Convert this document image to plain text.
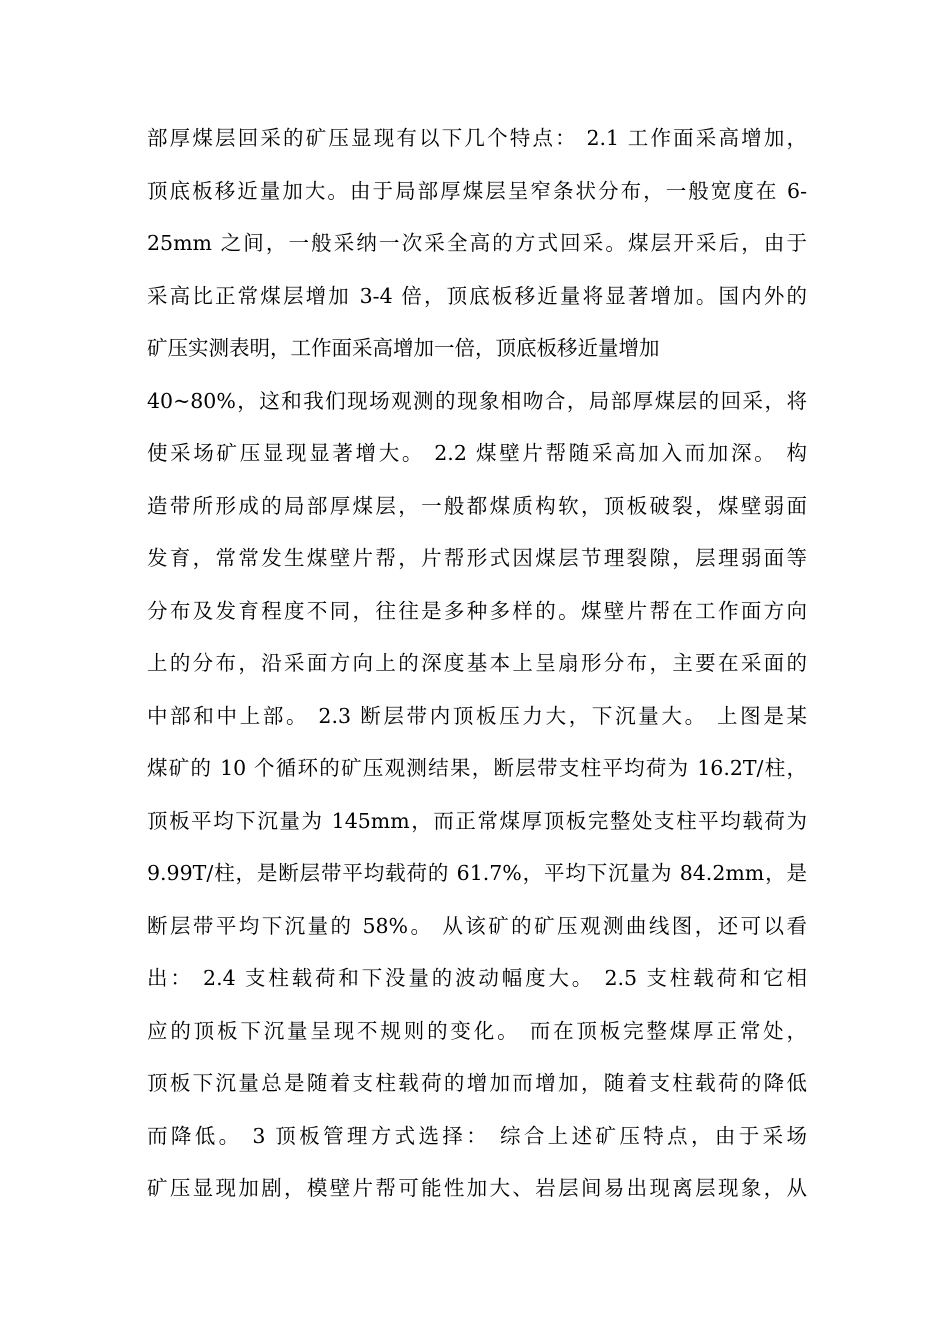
部厚煤层回采的矿压显现有以下几个特点： 2.1 工作面采高增加，
顶底板移近量加大。由于局部厚煤层呈窄条状分布，一般宽度在 6-
25mm 之间，一般采纳一次采全高的方式回采。煤层开采后，由于
采高比正常煤层增加 3-4 倍，顶底板移近量将显著增加。国内外的
矿压实测表明，工作面采高增加一倍，顶底板移近量增加
40~80%，这和我们现场观测的现象相吻合，局部厚煤层的回采，将
使采场矿压显现显著增大。 2.2 煤壁片帮随采高加入而加深。 构
造带所形成的局部厚煤层，一般都煤质构软，顶板破裂，煤壁弱面
发育，常常发生煤壁片帮，片帮形式因煤层节理裂隙，层理弱面等
分布及发育程度不同，往往是多种多样的。煤壁片帮在工作面方向
上的分布，沿采面方向上的深度基本上呈扇形分布，主要在采面的
中部和中上部。 2.3 断层带内顶板压力大，下沉量大。 上图是某
煤矿的 10 个循环的矿压观测结果，断层带支柱平均荷为 16.2T/柱，
顶板平均下沉量为 145mm，而正常煤厚顶板完整处支柱平均载荷为
9.99T/柱，是断层带平均载荷的 61.7%，平均下沉量为 84.2mm，是
断层带平均下沉量的 58%。 从该矿的矿压观测曲线图，还可以看
出： 2.4 支柱载荷和下没量的波动幅度大。 2.5 支柱载荷和它相
应的顶板下沉量呈现不规则的变化。 而在顶板完整煤厚正常处，
顶板下沉量总是随着支柱载荷的增加而增加，随着支柱载荷的降低
而降低。 3 顶板管理方式选择： 综合上述矿压特点，由于采场
矿压显现加剧，模壁片帮可能性加大、岩层间易出现离层现象，从
